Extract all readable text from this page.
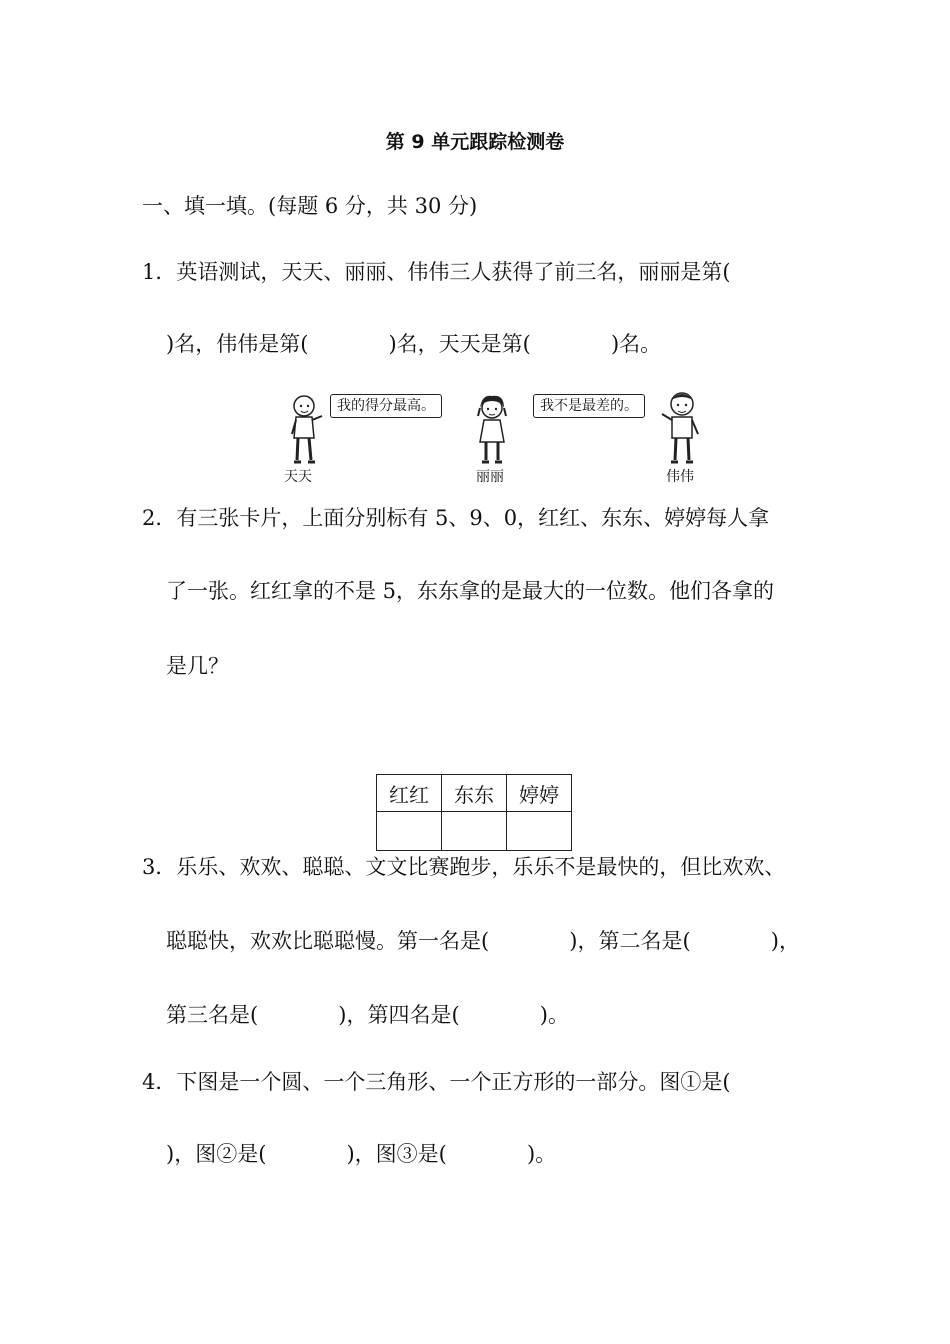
第 9 单元跟踪检测卷
一、填一填。(每题 6 分，共 30 分)
1．英语测试，天天、丽丽、伟伟三人获得了前三名，丽丽是第(
)名，伟伟是第(            )名，天天是第(            )名。
我的得分最高。
天天	丽丽
我不是最差的。
伟伟
2．有三张卡片，上面分别标有 5、9、0，红红、东东、婷婷每人拿
了一张。红红拿的不是 5，东东拿的是最大的一位数。他们各拿的
是几？
红红	东东	婷婷

3．乐乐、欢欢、聪聪、文文比赛跑步，乐乐不是最快的，但比欢欢、
聪聪快，欢欢比聪聪慢。第一名是(            )，第二名是(            )，
第三名是(            )，第四名是(            )。
4．下图是一个圆、一个三角形、一个正方形的一部分。图①是(
)，图②是(            )，图③是(            )。
